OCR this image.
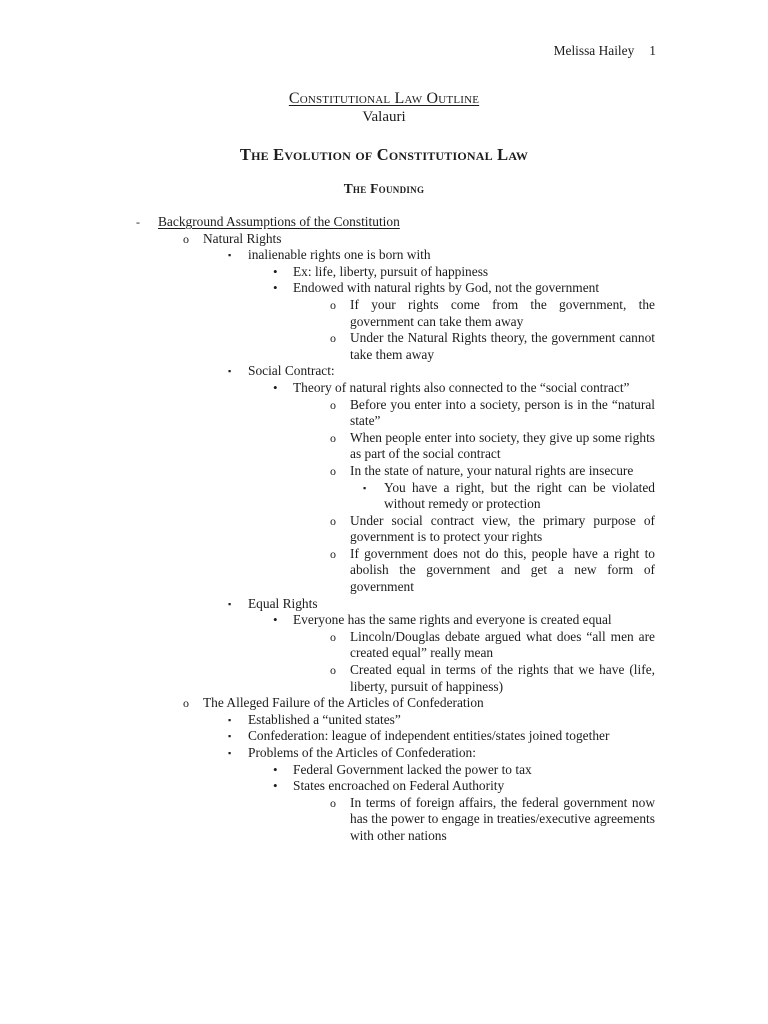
Melissa Hailey 1
Constitutional Law Outline
Valauri
The Evolution of Constitutional Law
The Founding
-	Background Assumptions of the Constitution
o	Natural Rights
▪	inalienable rights one is born with
•	Ex: life, liberty, pursuit of happiness
•	Endowed with natural rights by God, not the government
o	If your rights come from the government, the government can take them away
o	Under the Natural Rights theory, the government cannot take them away
▪	Social Contract:
•	Theory of natural rights also connected to the “social contract”
o	Before you enter into a society, person is in the “natural state”
o	When people enter into society, they give up some rights as part of the social contract
o	In the state of nature, your natural rights are insecure
▪	You have a right, but the right can be violated without remedy or protection
o	Under social contract view, the primary purpose of government is to protect your rights
o	If government does not do this, people have a right to abolish the government and get a new form of government
▪	Equal Rights
•	Everyone has the same rights and everyone is created equal
o	Lincoln/Douglas debate argued what does “all men are created equal” really mean
o	Created equal in terms of the rights that we have (life, liberty, pursuit of happiness)
o	The Alleged Failure of the Articles of Confederation
▪	Established a “united states”
▪	Confederation: league of independent entities/states joined together
▪	Problems of the Articles of Confederation:
•	Federal Government lacked the power to tax
•	States encroached on Federal Authority
o	In terms of foreign affairs, the federal government now has the power to engage in treaties/executive agreements with other nations
